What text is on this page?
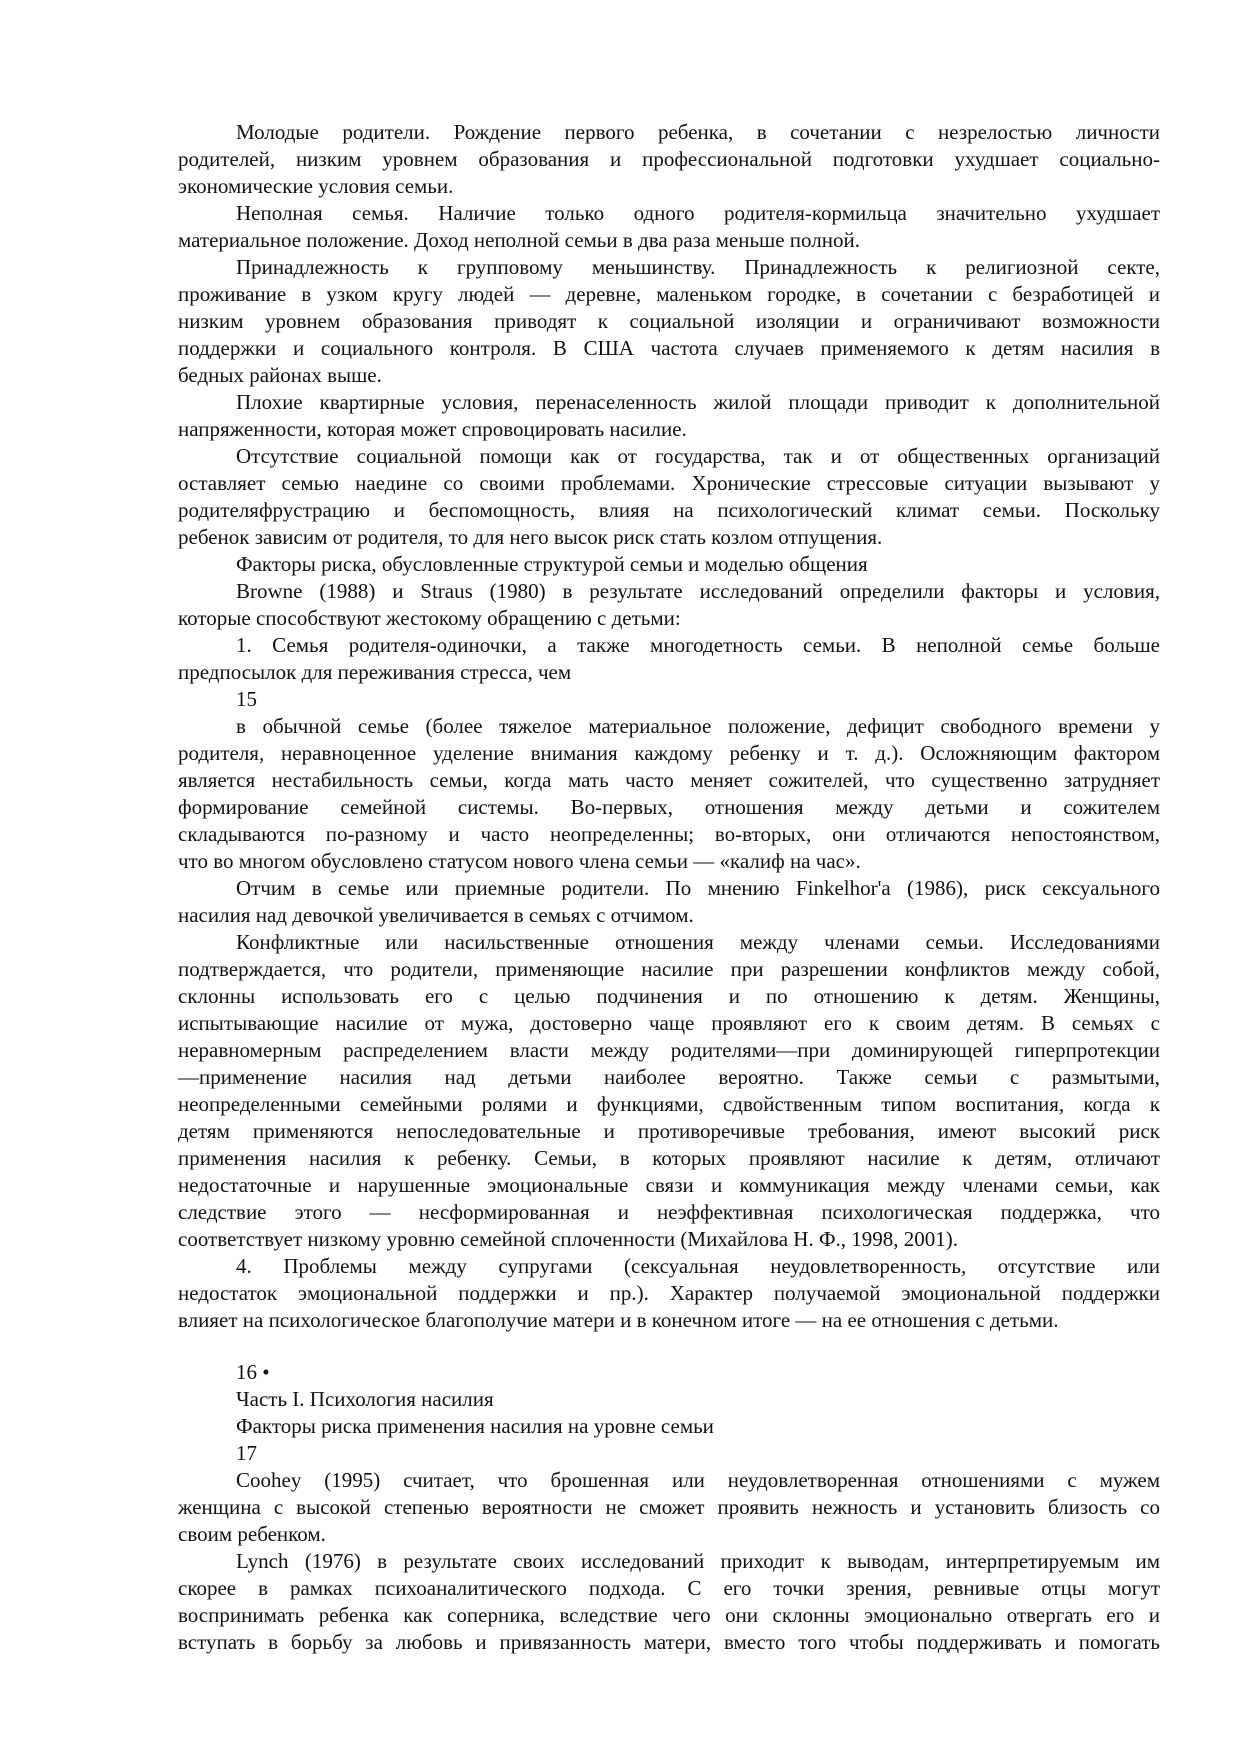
Молодые родители. Рождение первого ребенка, в сочетании с незрелостью личности
родителей, низким уровнем образования и профессиональной подготовки ухудшает социально-
экономические условия семьи.
Неполная семья. Наличие только одного родителя-кормильца значительно ухудшает
материальное положение. Доход неполной семьи в два раза меньше полной.
Принадлежность к групповому меньшинству. Принадлежность к религиозной секте,
проживание в узком кругу людей — деревне, маленьком городке, в сочетании с безработицей и
низким уровнем образования приводят к социальной изоляции и ограничивают возможности
поддержки и социального контроля. В США частота случаев применяемого к детям насилия в
бедных районах выше.
Плохие квартирные условия, перенаселенность жилой площади приводит к дополнительной
напряженности, которая может спровоцировать насилие.
Отсутствие социальной помощи как от государства, так и от общественных организаций
оставляет семью наедине со своими проблемами. Хронические стрессовые ситуации вызывают у
родителяфрустрацию и беспомощность, влияя на психологический климат семьи. Поскольку
ребенок зависим от родителя, то для него высок риск стать козлом отпущения.
Факторы риска, обусловленные структурой семьи и моделью общения
Browne (1988) и Straus (1980) в результате исследований определили факторы и условия,
которые способствуют жестокому обращению с детьми:
1. Семья родителя-одиночки, а также многодетность семьи. В неполной семье больше
предпосылок для переживания стресса, чем
15
в обычной семье (более тяжелое материальное положение, дефицит свободного времени у
родителя, неравноценное уделение внимания каждому ребенку и т. д.). Осложняющим фактором
является нестабильность семьи, когда мать часто меняет сожителей, что существенно затрудняет
формирование семейной системы. Во-первых, отношения между детьми и сожителем
складываются по-разному и часто неопределенны; во-вторых, они отличаются непостоянством,
что во многом обусловлено статусом нового члена семьи — «калиф на час».
Отчим в семье или приемные родители. По мнению Finkelhor'a (1986), риск сексуального
насилия над девочкой увеличивается в семьях с отчимом.
Конфликтные или насильственные отношения между членами семьи. Исследованиями
подтверждается, что родители, применяющие насилие при разрешении конфликтов между собой,
склонны использовать его с целью подчинения и по отношению к детям. Женщины,
испытывающие насилие от мужа, достоверно чаще проявляют его к своим детям. В семьях с
неравномерным распределением власти между родителями—при доминирующей гиперпротекции
—применение насилия над детьми наиболее вероятно. Также семьи с размытыми,
неопределенными семейными ролями и функциями, сдвойственным типом воспитания, когда к
детям применяются непоследовательные и противоречивые требования, имеют высокий риск
применения насилия к ребенку. Семьи, в которых проявляют насилие к детям, отличают
недостаточные и нарушенные эмоциональные связи и коммуникация между членами семьи, как
следствие этого — несформированная и неэффективная психологическая поддержка, что
соответствует низкому уровню семейной сплоченности (Михайлова Н. Ф., 1998, 2001).
4. Проблемы между супругами (сексуальная неудовлетворенность, отсутствие или
недостаток эмоциональной поддержки и пр.). Характер получаемой эмоциональной поддержки
влияет на психологическое благополучие матери и в конечном итоге — на ее отношения с детьми.
16 •
Часть I. Психология насилия
Факторы риска применения насилия на уровне семьи
17
Coohey (1995) считает, что брошенная или неудовлетворенная отношениями с мужем
женщина с высокой степенью вероятности не сможет проявить нежность и установить близость со
своим ребенком.
Lynch (1976) в результате своих исследований приходит к выводам, интерпретируемым им
скорее в рамках психоаналитического подхода. С его точки зрения, ревнивые отцы могут
воспринимать ребенка как соперника, вследствие чего они склонны эмоционально отвергать его и
вступать в борьбу за любовь и привязанность матери, вместо того чтобы поддерживать и помогать
